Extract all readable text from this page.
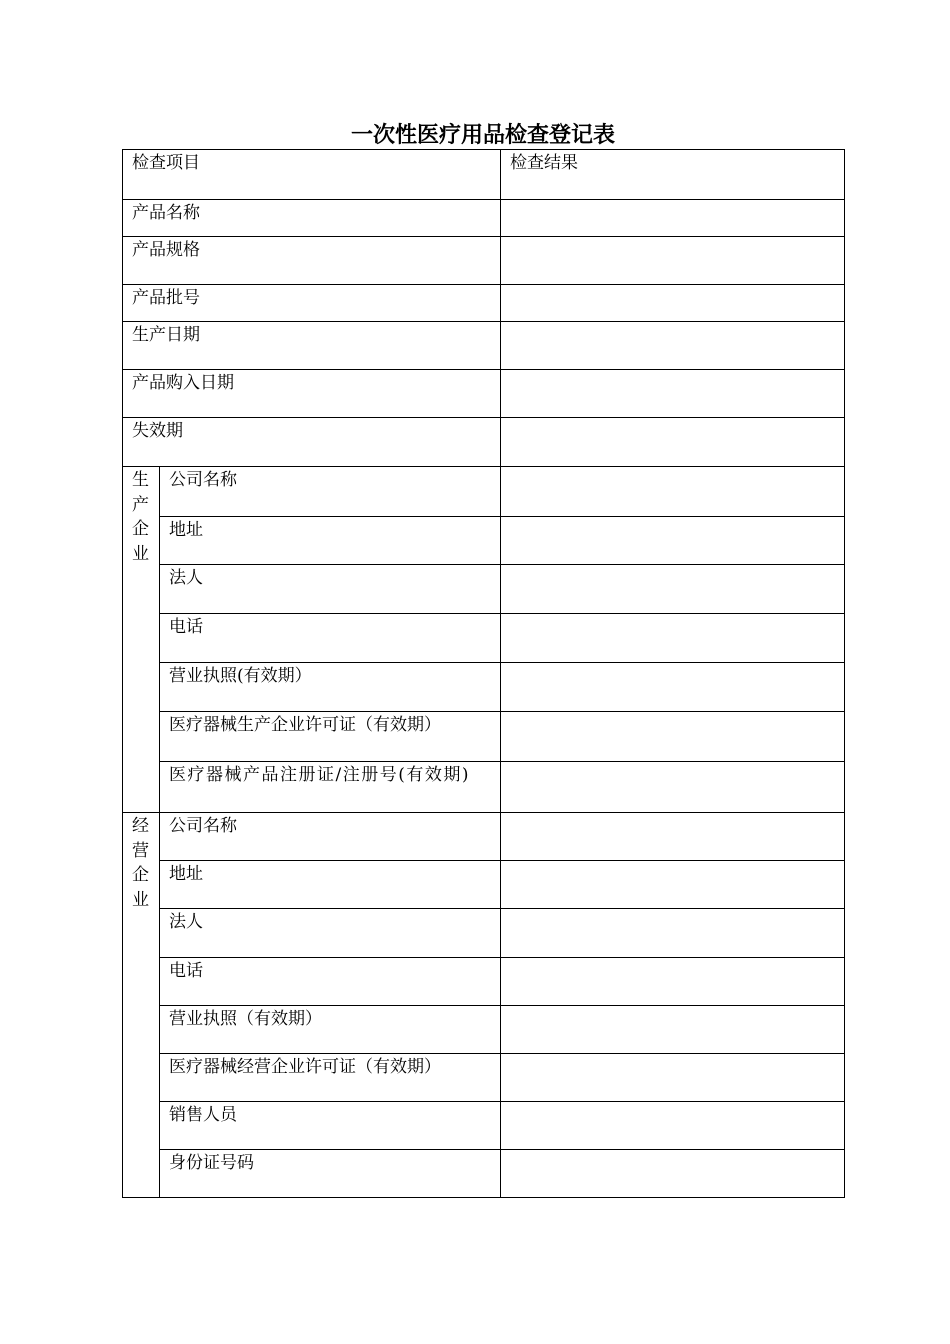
一次性医疗用品检查登记表
检查项目		检查结果
产品名称		
产品规格		
产品批号		
生产日期		
产品购入日期		
失效期		

生
产
企
业	公司名称	
	地址	
	法人	
	电话	
	营业执照(有效期）	
	医疗器械生产企业许可证（有效期）	
	医疗器械产品注册证/注册号(有效期)	

经
营
企
业	公司名称	
	地址	
	法人	
	电话	
	营业执照（有效期）	
	医疗器械经营企业许可证（有效期）	
	销售人员	
	身份证号码	
